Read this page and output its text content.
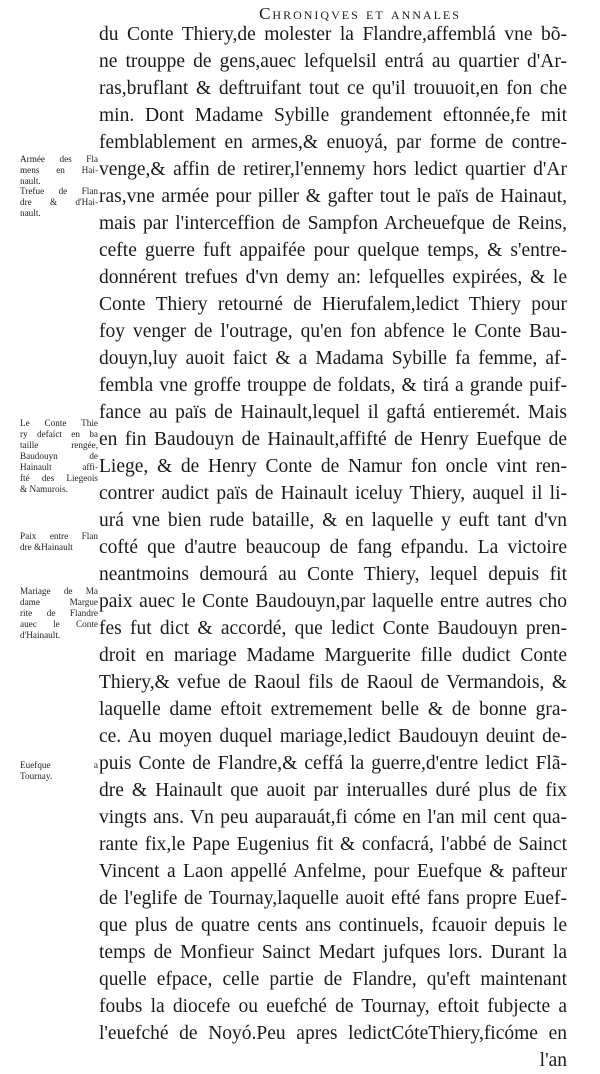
Chroniqves et annales
du Conte Thiery,de molester la Flandre,affemblá vne bõ-
ne trouppe de gens,auec lefquelsil entrá au quartier d'Ar-
ras,bruflant & deftruifant tout ce qu'il trouuoit,en fon che
min. Dont Madame Sybille grandement eftonnée,fe mit
femblablement en armes,& enuoyá, par forme de contre-
venge,& affin de retirer,l'ennemy hors ledict quartier d'Ar
ras,vne armée pour piller & gafter tout le païs de Hainaut,
mais par l'interceffion de Sampfon Archeuefque de Reins,
cefte guerre fuft appaifée pour quelque temps, & s'entre-
donnérent trefues d'vn demy an: lefquelles expirées, & le
Conte Thiery retourné de Hierufalem,ledict Thiery pour
foy venger de l'outrage, qu'en fon abfence le Conte Bau-
douyn,luy auoit faict & a Madama Sybille fa femme, af-
fembla vne groffe trouppe de foldats, & tirá a grande puif-
fance au païs de Hainault,lequel il gaftá entieremét. Mais
en fin Baudouyn de Hainault,affifté de Henry Euefque de
Liege, & de Henry Conte de Namur fon oncle vint ren-
contrer audict païs de Hainault iceluy Thiery, auquel il li-
urá vne bien rude bataille, & en laquelle y euft tant d'vn
cofté que d'autre beaucoup de fang efpandu. La victoire
neantmoins demourá au Conte Thiery, lequel depuis fit
paix auec le Conte Baudouyn,par laquelle entre autres cho
fes fut dict & accordé, que ledict Conte Baudouyn pren-
droit en mariage Madame Marguerite fille dudict Conte
Thiery,& vefue de Raoul fils de Raoul de Vermandois, &
laquelle dame eftoit extremement belle & de bonne gra-
ce. Au moyen duquel mariage,ledict Baudouyn deuint de-
puis Conte de Flandre,& ceffá la guerre,d'entre ledict Flã-
dre & Hainault que auoit par interualles duré plus de fix
vingts ans. Vn peu auparauát,fi cóme en l'an mil cent qua-
rante fix,le Pape Eugenius fit & confacrá, l'abbé de Sainct
Vincent a Laon appellé Anfelme, pour Euefque & pafteur
de l'eglife de Tournay,laquelle auoit efté fans propre Euef-
que plus de quatre cents ans continuels, fcauoir depuis le
temps de Monfieur Sainct Medart jufques lors. Durant la
quelle efpace, celle partie de Flandre, qu'eft maintenant
foubs la diocefe ou euefché de Tournay, eftoit fubjecte a
l'euefché de Noyó.Peu apres ledictCóteThiery,ficóme en
l'an
Armée des Fla
mens en Hai-
nault.
Trefue de Flan
dre & d'Hai-
nault.
Le Conte Thie
ry defaict en ba
taille rengée,
Baudouyn de
Hainault affi-
fté des Liegeois
& Namurois.
Paix entre Flan
dre &Hainault
Mariage de Ma
dame Margue
rite de Flandre
auec le Conte
d'Hainault.
Euefque a
Tournay.
